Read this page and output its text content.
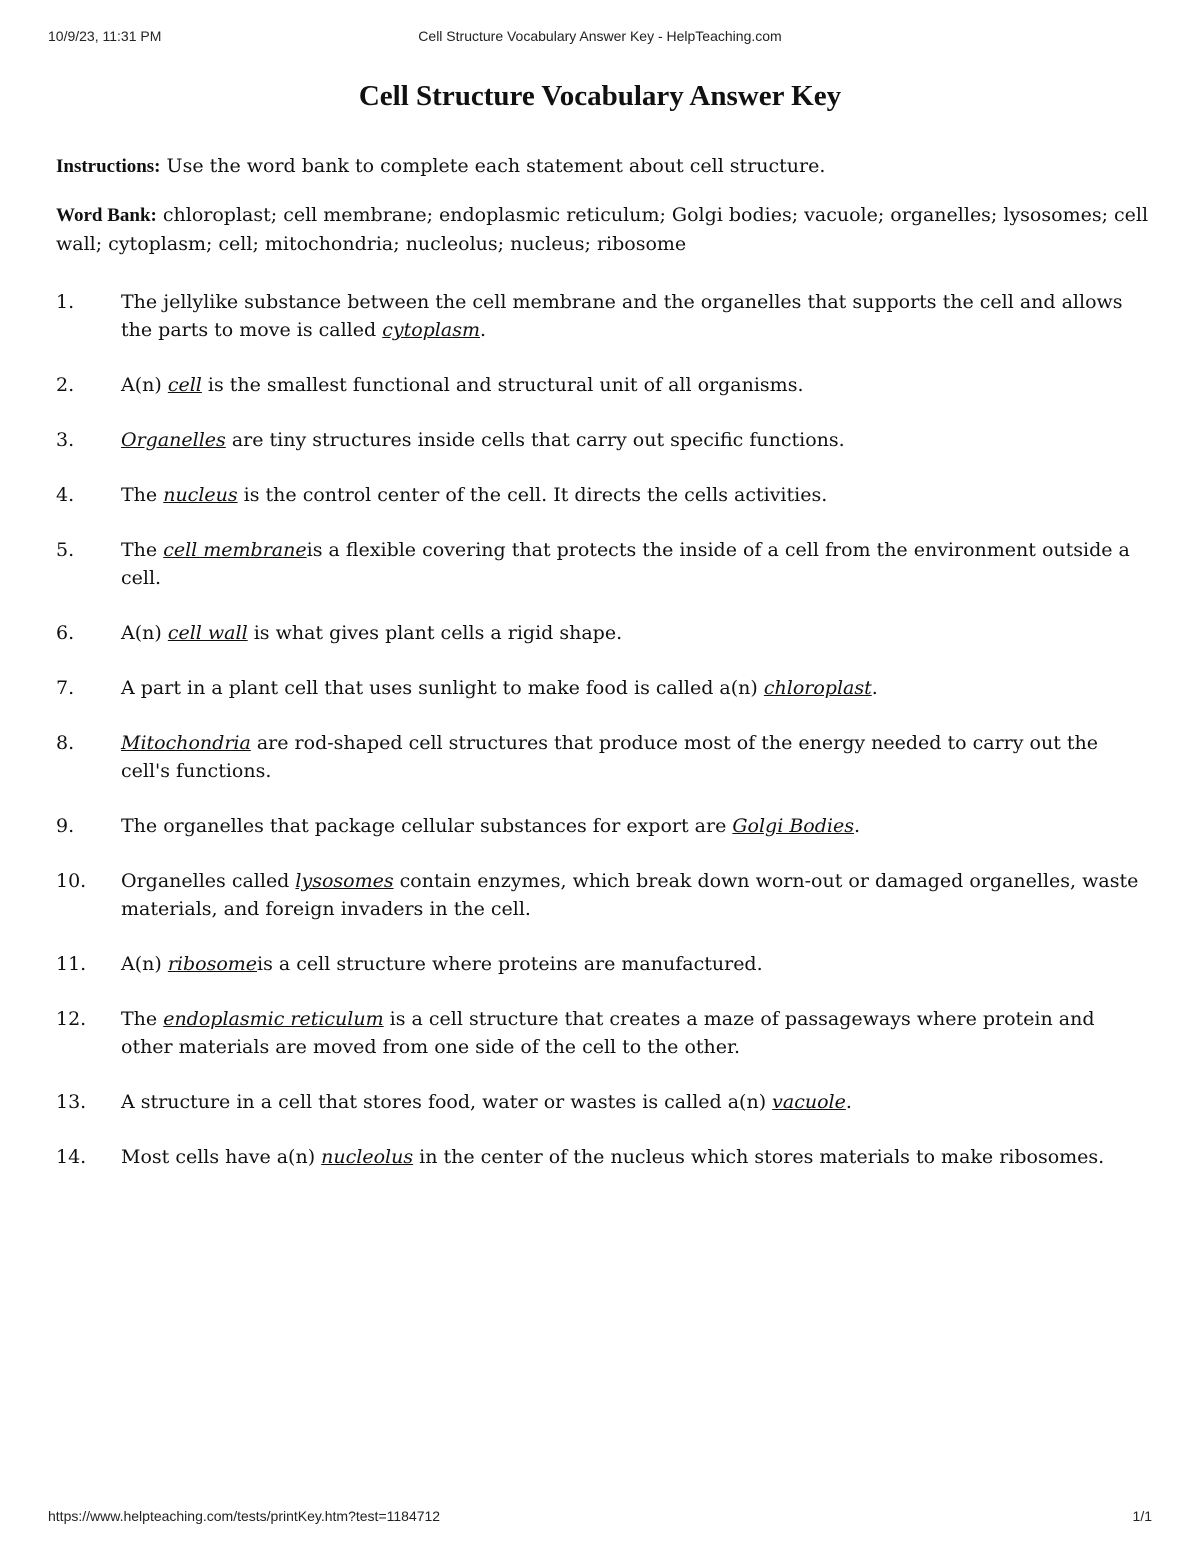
10/9/23, 11:31 PM	Cell Structure Vocabulary Answer Key - HelpTeaching.com
Cell Structure Vocabulary Answer Key

Instructions: Use the word bank to complete each statement about cell structure.

Word Bank: chloroplast; cell membrane; endoplasmic reticulum; Golgi bodies; vacuole; organelles; lysosomes; cell wall; cytoplasm; cell; mitochondria; nucleolus; nucleus; ribosome

1. The jellylike substance between the cell membrane and the organelles that supports the cell and allows the parts to move is called cytoplasm.
2. A(n) cell is the smallest functional and structural unit of all organisms.
3. Organelles are tiny structures inside cells that carry out specific functions.
4. The nucleus is the control center of the cell. It directs the cells activities.
5. The cell membraneis a flexible covering that protects the inside of a cell from the environment outside a cell.
6. A(n) cell wall is what gives plant cells a rigid shape.
7. A part in a plant cell that uses sunlight to make food is called a(n) chloroplast.
8. Mitochondria are rod-shaped cell structures that produce most of the energy needed to carry out the cell's functions.
9. The organelles that package cellular substances for export are Golgi Bodies.
10. Organelles called lysosomes contain enzymes, which break down worn-out or damaged organelles, waste materials, and foreign invaders in the cell.
11. A(n) ribosomeis a cell structure where proteins are manufactured.
12. The endoplasmic reticulum is a cell structure that creates a maze of passageways where protein and other materials are moved from one side of the cell to the other.
13. A structure in a cell that stores food, water or wastes is called a(n) vacuole.
14. Most cells have a(n) nucleolus in the center of the nucleus which stores materials to make ribosomes.
https://www.helpteaching.com/tests/printKey.htm?test=1184712	1/1
